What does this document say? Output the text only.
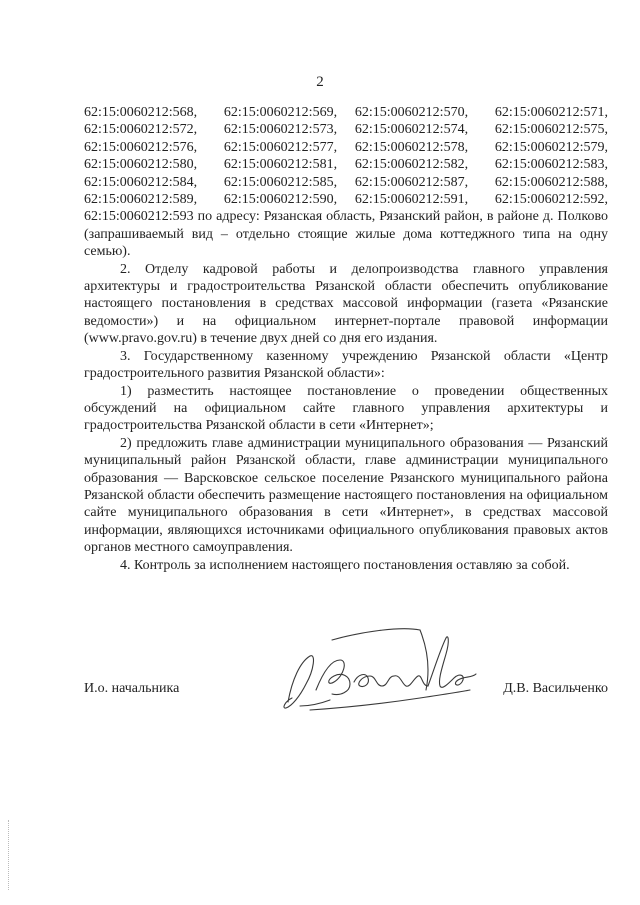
2
62:15:0060212:568,	62:15:0060212:569,	62:15:0060212:570,	62:15:0060212:571,
62:15:0060212:572,	62:15:0060212:573,	62:15:0060212:574,	62:15:0060212:575,
62:15:0060212:576,	62:15:0060212:577,	62:15:0060212:578,	62:15:0060212:579,
62:15:0060212:580,	62:15:0060212:581,	62:15:0060212:582,	62:15:0060212:583,
62:15:0060212:584,	62:15:0060212:585,	62:15:0060212:587,	62:15:0060212:588,
62:15:0060212:589,	62:15:0060212:590,	62:15:0060212:591,	62:15:0060212:592,

62:15:0060212:593 по адресу: Рязанская область, Рязанский район, в районе д. Полково (запрашиваемый вид – отдельно стоящие жилые дома коттеджного типа на одну семью).

2. Отделу кадровой работы и делопроизводства главного управления архитектуры и градостроительства Рязанской области обеспечить опубликование настоящего постановления в средствах массовой информации (газета «Рязанские ведомости») и на официальном интернет-портале правовой информации (www.pravo.gov.ru) в течение двух дней со дня его издания.

3. Государственному казенному учреждению Рязанской области «Центр градостроительного развития Рязанской области»:

1) разместить настоящее постановление о проведении общественных обсуждений на официальном сайте главного управления архитектуры и градостроительства Рязанской области в сети «Интернет»;

2) предложить главе администрации муниципального образования — Рязанский муниципальный район Рязанской области, главе администрации муниципального образования — Варсковское сельское поселение Рязанского муниципального района Рязанской области обеспечить размещение настоящего постановления на официальном сайте муниципального образования в сети «Интернет», в средствах массовой информации, являющихся источниками официального опубликования правовых актов органов местного самоуправления.

4. Контроль за исполнением настоящего постановления оставляю за собой.

И.о. начальника	Д.В. Васильченко
